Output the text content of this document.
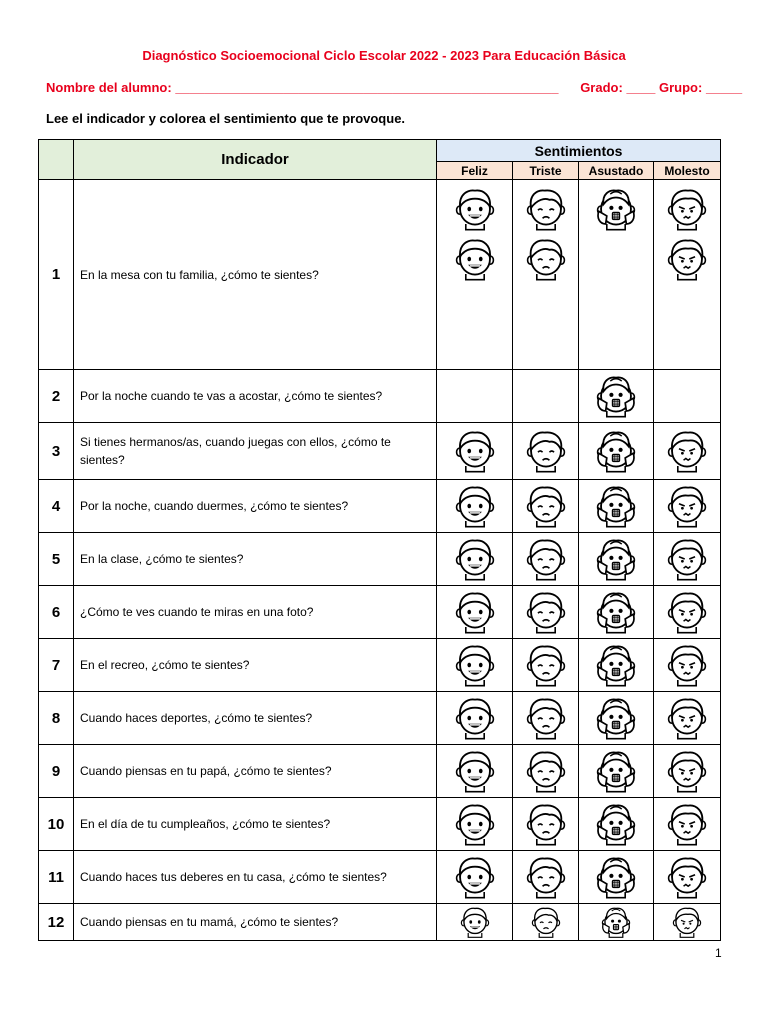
Diagnóstico Socioemocional Ciclo Escolar 2022 - 2023 Para Educación Básica
Nombre del alumno: _____________________________________________________ Grado: ____ Grupo: _____
Lee el indicador y colorea el sentimiento que te provoque.
	Indicador	Sentimientos			
		Feliz	Triste	Asustado	Molesto
1	En la mesa con tu familia, ¿cómo te sientes?	

2	Por la noche cuando te vas a acostar, ¿cómo te sientes?	

3	Si tienes hermanos/as, cuando juegas con ellos, ¿cómo te sientes?	

4	Por la noche, cuando duermes, ¿cómo te sientes?	

5	En la clase, ¿cómo te sientes?	

6	¿Cómo te ves cuando te miras en una foto?	

7	En el recreo, ¿cómo te sientes?	

8	Cuando haces deportes, ¿cómo te sientes?	

9	Cuando piensas en tu papá, ¿cómo te sientes?	

10	En el día de tu cumpleaños, ¿cómo te sientes?	

11	Cuando haces tus deberes en tu casa, ¿cómo te sientes?	

12	Cuando piensas en tu mamá, ¿cómo te sientes?	

1
